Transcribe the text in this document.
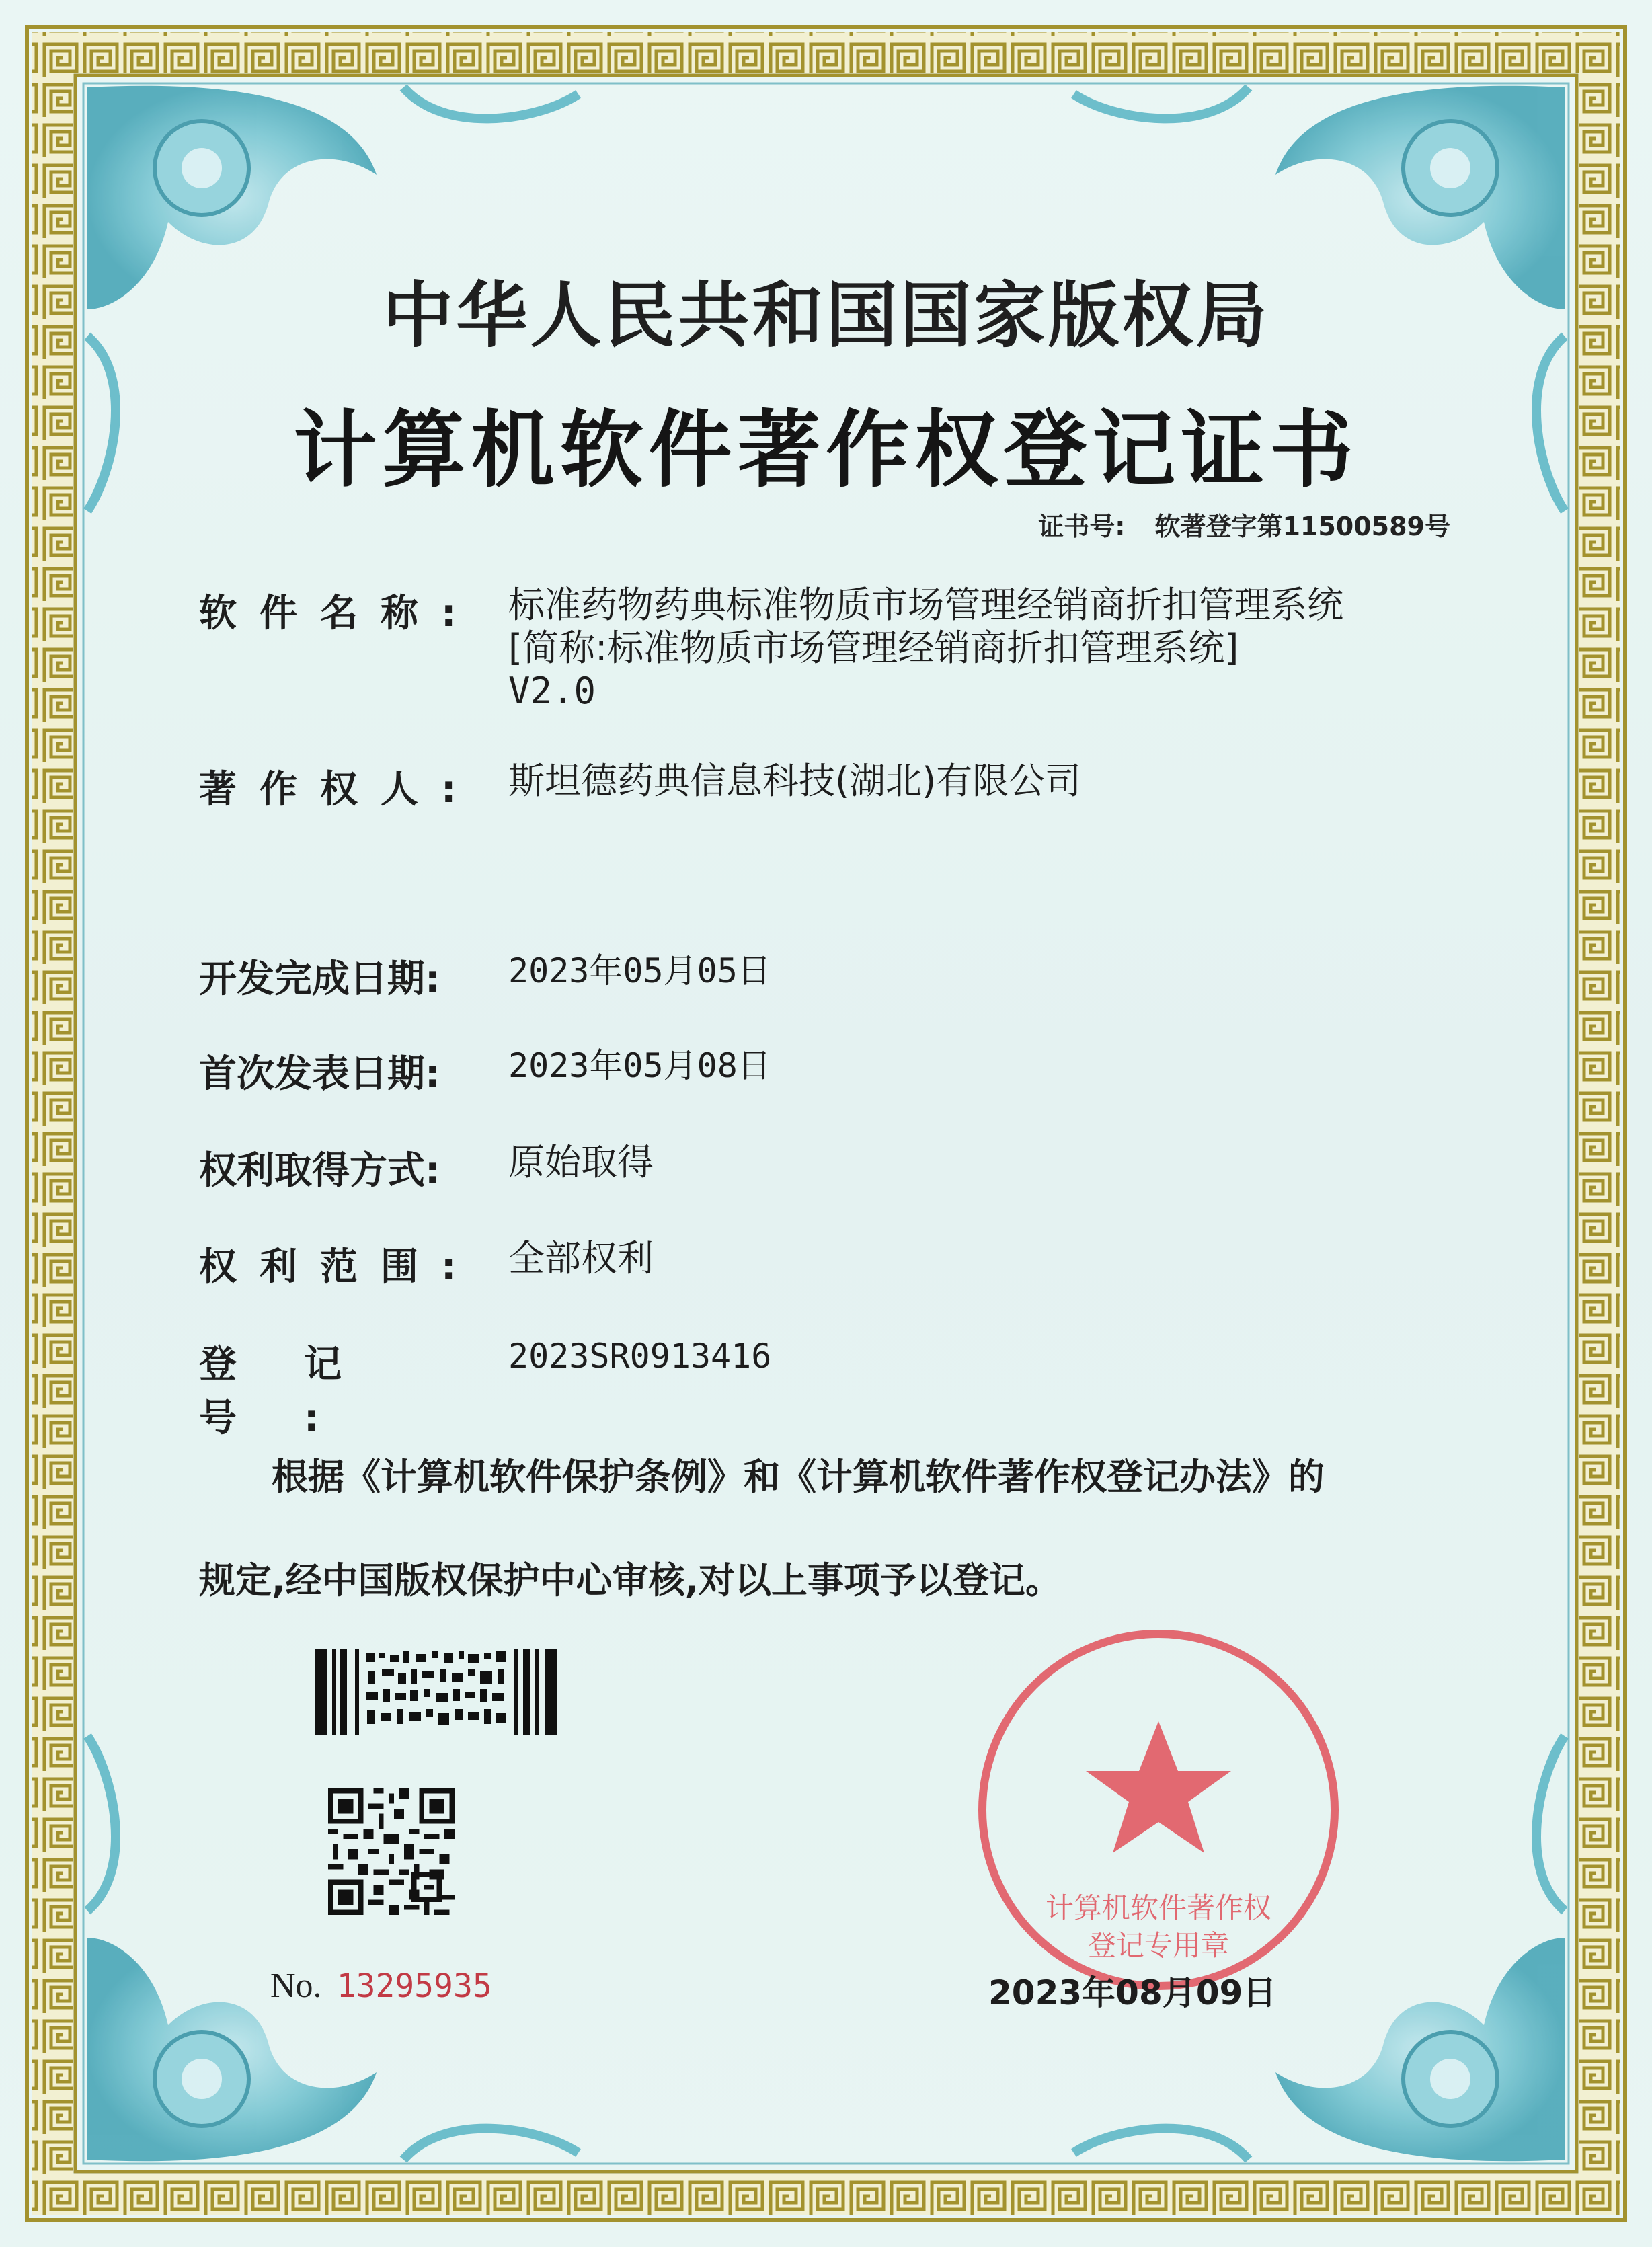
中华人民共和国国家版权局
计算机软件著作权登记证书
证书号: 软著登字第11500589号
软件名称: 标准药物药典标准物质市场管理经销商折扣管理系统
[简称:标准物质市场管理经销商折扣管理系统]
V2.0
著作权人: 斯坦德药典信息科技(湖北)有限公司
开发完成日期:	2023年05月05日
首次发表日期:	2023年05月08日
权利取得方式:	原始取得
权利范围: 全部权利
登记号:
2023SR0913416
根据《计算机软件保护条例》和《计算机软件著作权登记办法》的
规定,经中国版权保护中心审核,对以上事项予以登记。
No. 13295935
计算机软件著作权
登记专用章
2023年08月09日
